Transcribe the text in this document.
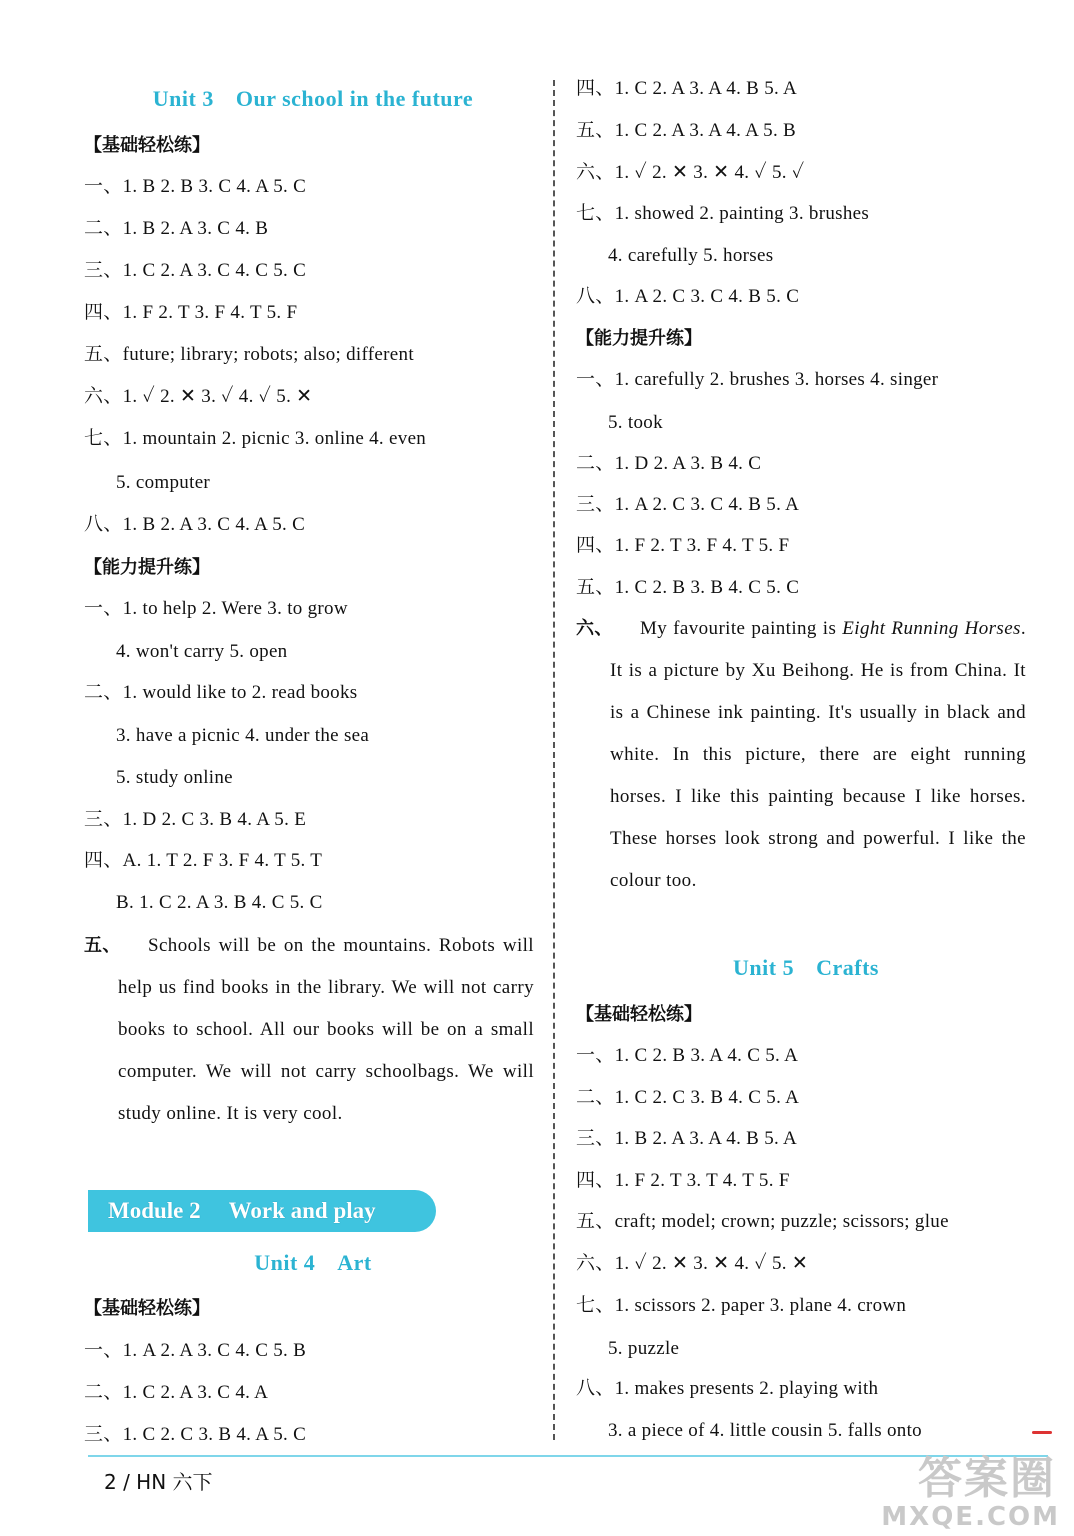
Unit 3 Our school in the future
【基础轻松练】
一、1. B 2. B 3. C 4. A 5. C
二、1. B 2. A 3. C 4. B
三、1. C 2. A 3. C 4. C 5. C
四、1. F 2. T 3. F 4. T 5. F
五、future; library; robots; also; different
六、1. ✓ 2. ✕ 3. ✓ 4. ✓ 5. ✕
七、1. mountain 2. picnic 3. online 4. even
5. computer
八、1. B 2. A 3. C 4. A 5. C
【能力提升练】
一、1. to help 2. Were 3. to grow
4. won't carry 5. open
二、1. would like to 2. read books
3. have a picnic 4. under the sea
5. study online
三、1. D 2. C 3. B 4. A 5. E
四、A. 1. T 2. F 3. F 4. T 5. T
B. 1. C 2. A 3. B 4. C 5. C
五、 Schools will be on the mountains. Robots will help us find books in the library. We will not carry books to school. All our books will be on a small computer. We will not carry schoolbags. We will study online. It is very cool.
Unit 4 Art
【基础轻松练】
一、1. A 2. A 3. C 4. C 5. B
二、1. C 2. A 3. C 4. A
三、1. C 2. C 3. B 4. A 5. C
Module 2 Work and play
四、1. C 2. A 3. A 4. B 5. A
五、1. C 2. A 3. A 4. A 5. B
六、1. ✓ 2. ✕ 3. ✕ 4. ✓ 5. ✓
七、1. showed 2. painting 3. brushes
4. carefully 5. horses
八、1. A 2. C 3. C 4. B 5. C
【能力提升练】
一、1. carefully 2. brushes 3. horses 4. singer
5. took
二、1. D 2. A 3. B 4. C
三、1. A 2. C 3. C 4. B 5. A
四、1. F 2. T 3. F 4. T 5. F
五、1. C 2. B 3. B 4. C 5. C
六、 My favourite painting is Eight Running Horses. It is a picture by Xu Beihong. He is from China. It is a Chinese ink painting. It's usually in black and white. In this picture, there are eight running horses. I like this painting because I like horses. These horses look strong and powerful. I like the colour too.
Unit 5 Crafts
【基础轻松练】
一、1. C 2. B 3. A 4. C 5. A
二、1. C 2. C 3. B 4. C 5. A
三、1. B 2. A 3. A 4. B 5. A
四、1. F 2. T 3. T 4. T 5. F
五、craft; model; crown; puzzle; scissors; glue
六、1. ✓ 2. ✕ 3. ✕ 4. ✓ 5. ✕
七、1. scissors 2. paper 3. plane 4. crown
5. puzzle
八、1. makes presents 2. playing with
3. a piece of 4. little cousin 5. falls onto
2 / HN 六下	答案圈
MXQE.COM
